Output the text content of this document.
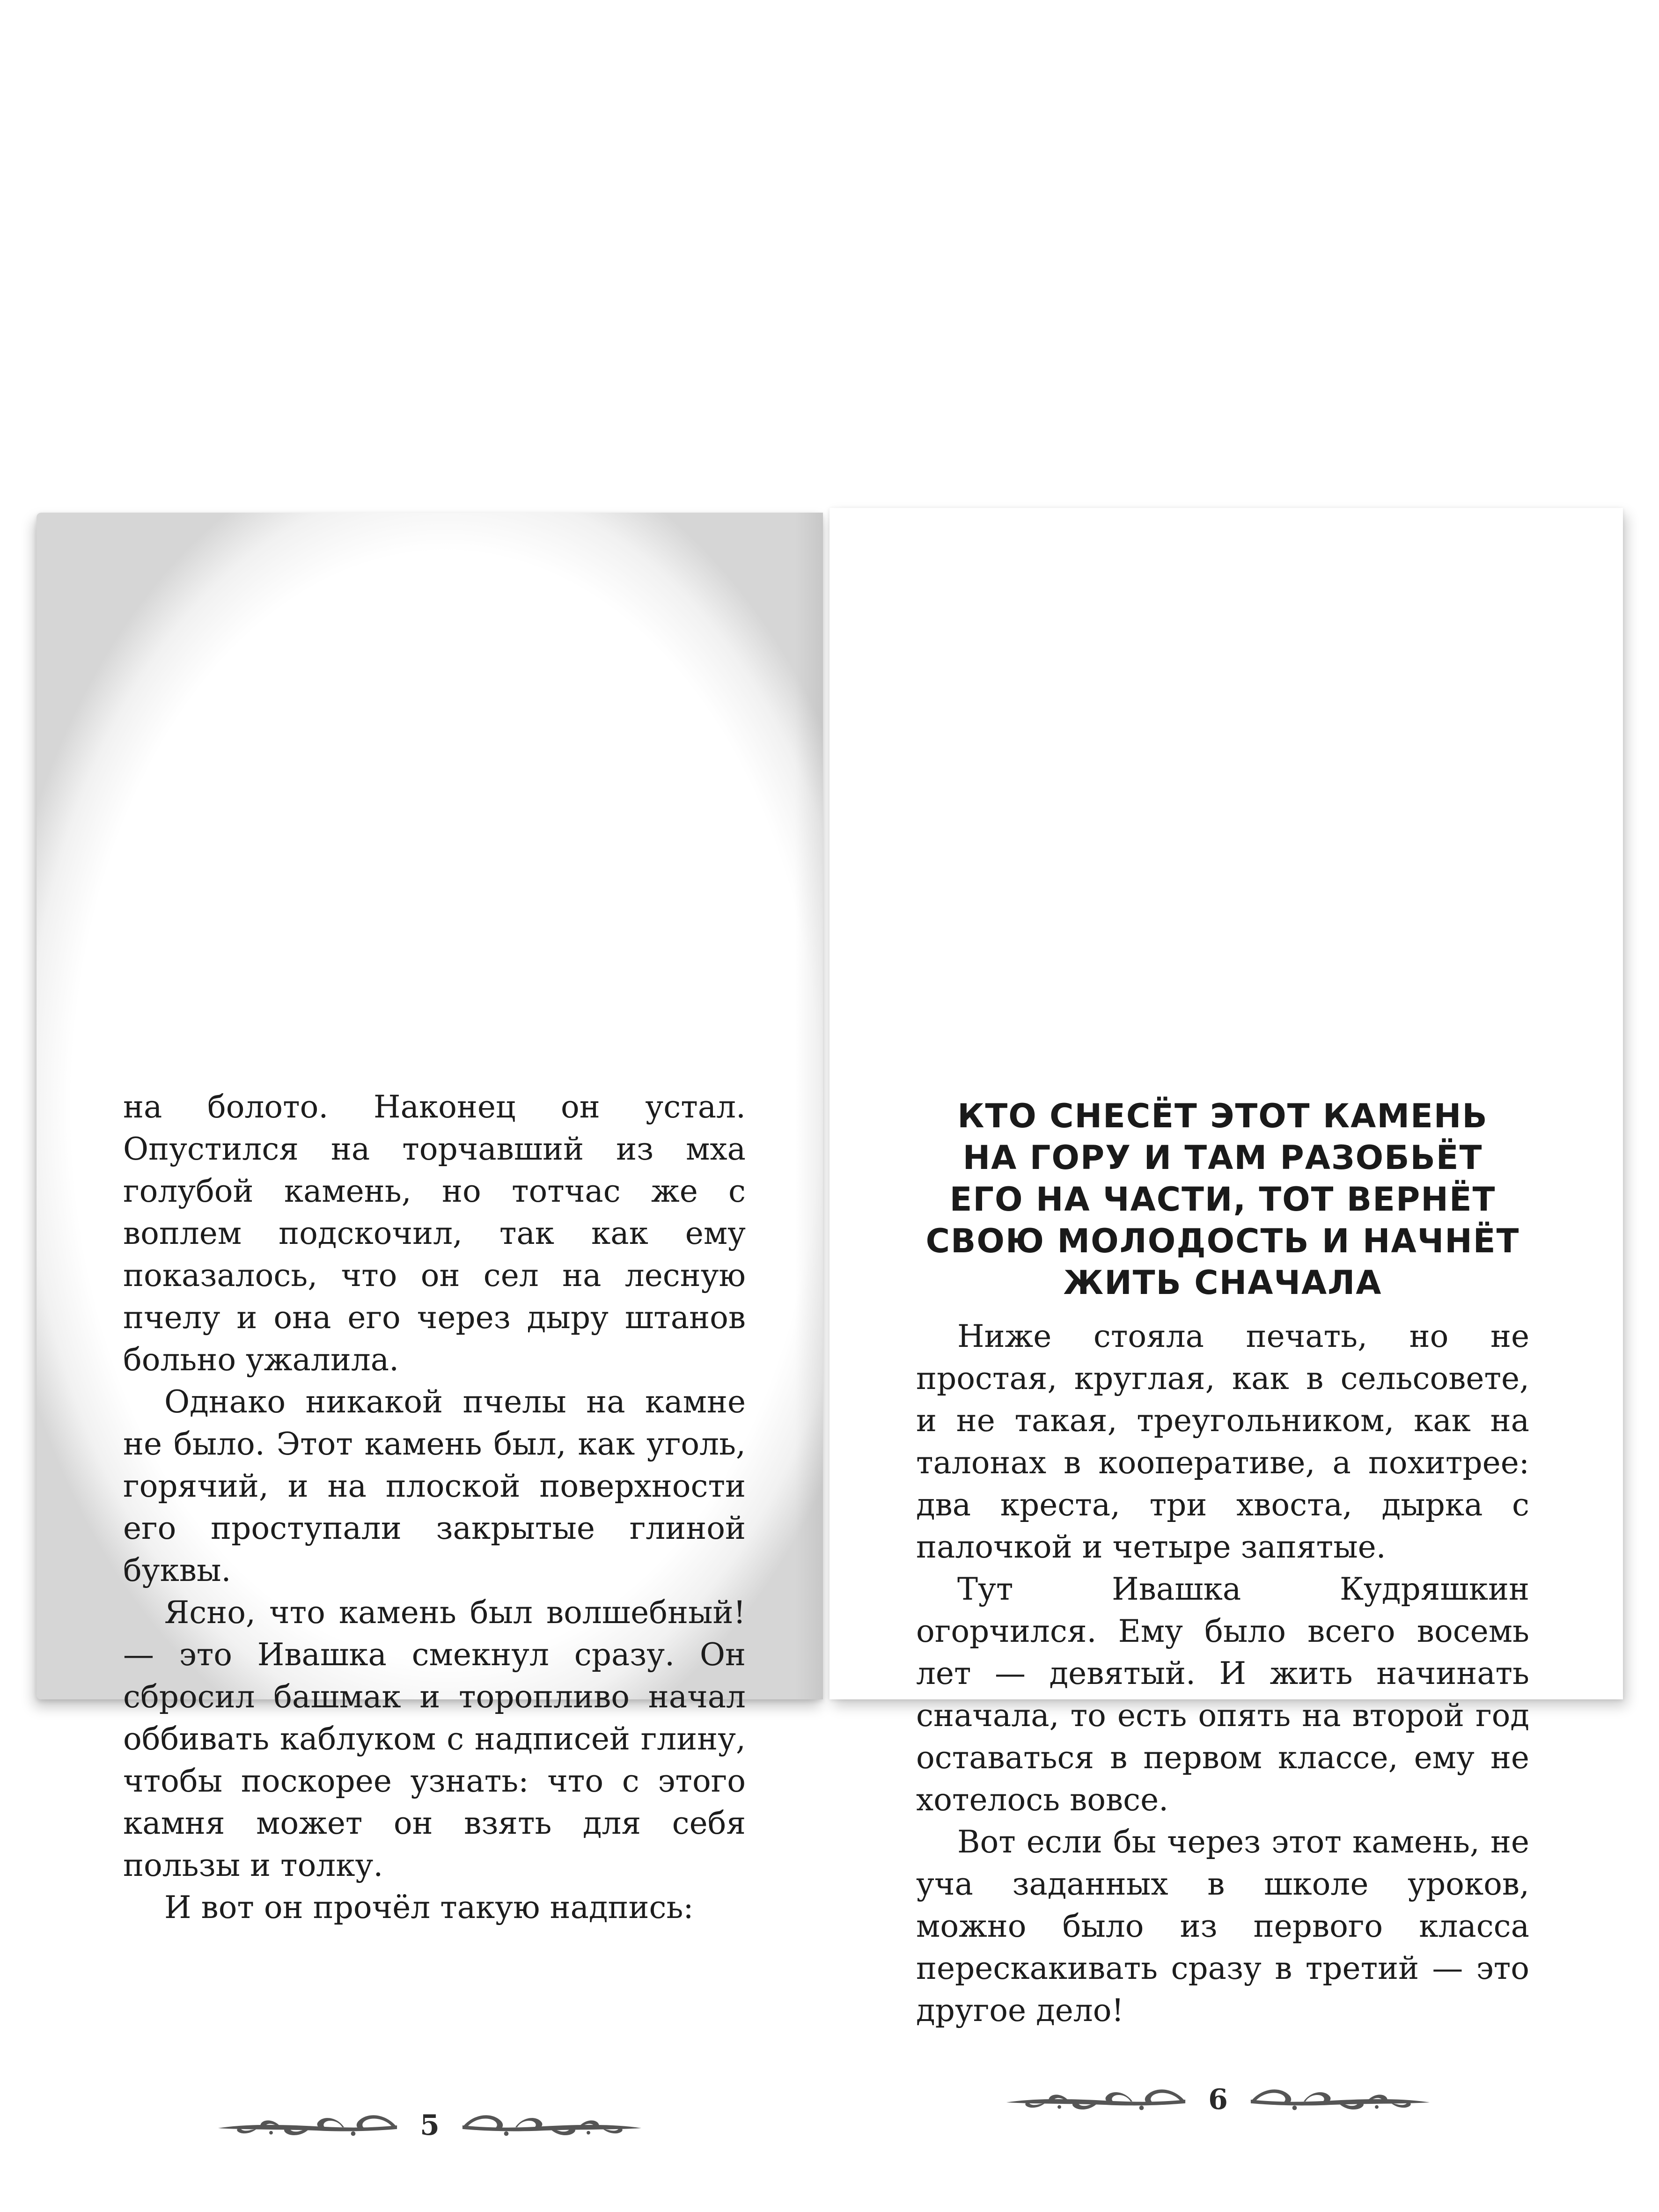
на болото. Наконец он устал. Опустился на торчавший из мха голубой камень, но тотчас же с воплем подскочил, так как ему показалось, что он сел на лесную пчелу и она его через дыру штанов больно ужалила.

Однако никакой пчелы на камне не было. Этот камень был, как уголь, горячий, и на плоской поверхности его проступали закрытые глиной буквы.

Ясно, что камень был волшебный! — это Ивашка смекнул сразу. Он сбросил башмак и торопливо начал оббивать каблуком с надписей глину, чтобы поскорее узнать: что с этого камня может он взять для себя пользы и толку.

И вот он прочёл такую надпись:

5
КТО СНЕСЁТ ЭТОТ КАМЕНЬ
НА ГОРУ И ТАМ РАЗОБЬЁТ
ЕГО НА ЧАСТИ, ТОТ ВЕРНЁТ
СВОЮ МОЛОДОСТЬ И НАЧНЁТ
ЖИТЬ СНАЧАЛА

Ниже стояла печать, но не простая, круглая, как в сельсовете, и не такая, треугольником, как на талонах в кооперативе, а похитрее: два креста, три хвоста, дырка с палочкой и четыре запятые.

Тут Ивашка Кудряшкин огорчился. Ему было всего восемь лет — девятый. И жить начинать сначала, то есть опять на второй год оставаться в первом классе, ему не хотелось вовсе.

Вот если бы через этот камень, не уча заданных в школе уроков, можно было из первого класса перескакивать сразу в третий — это другое дело!

6
